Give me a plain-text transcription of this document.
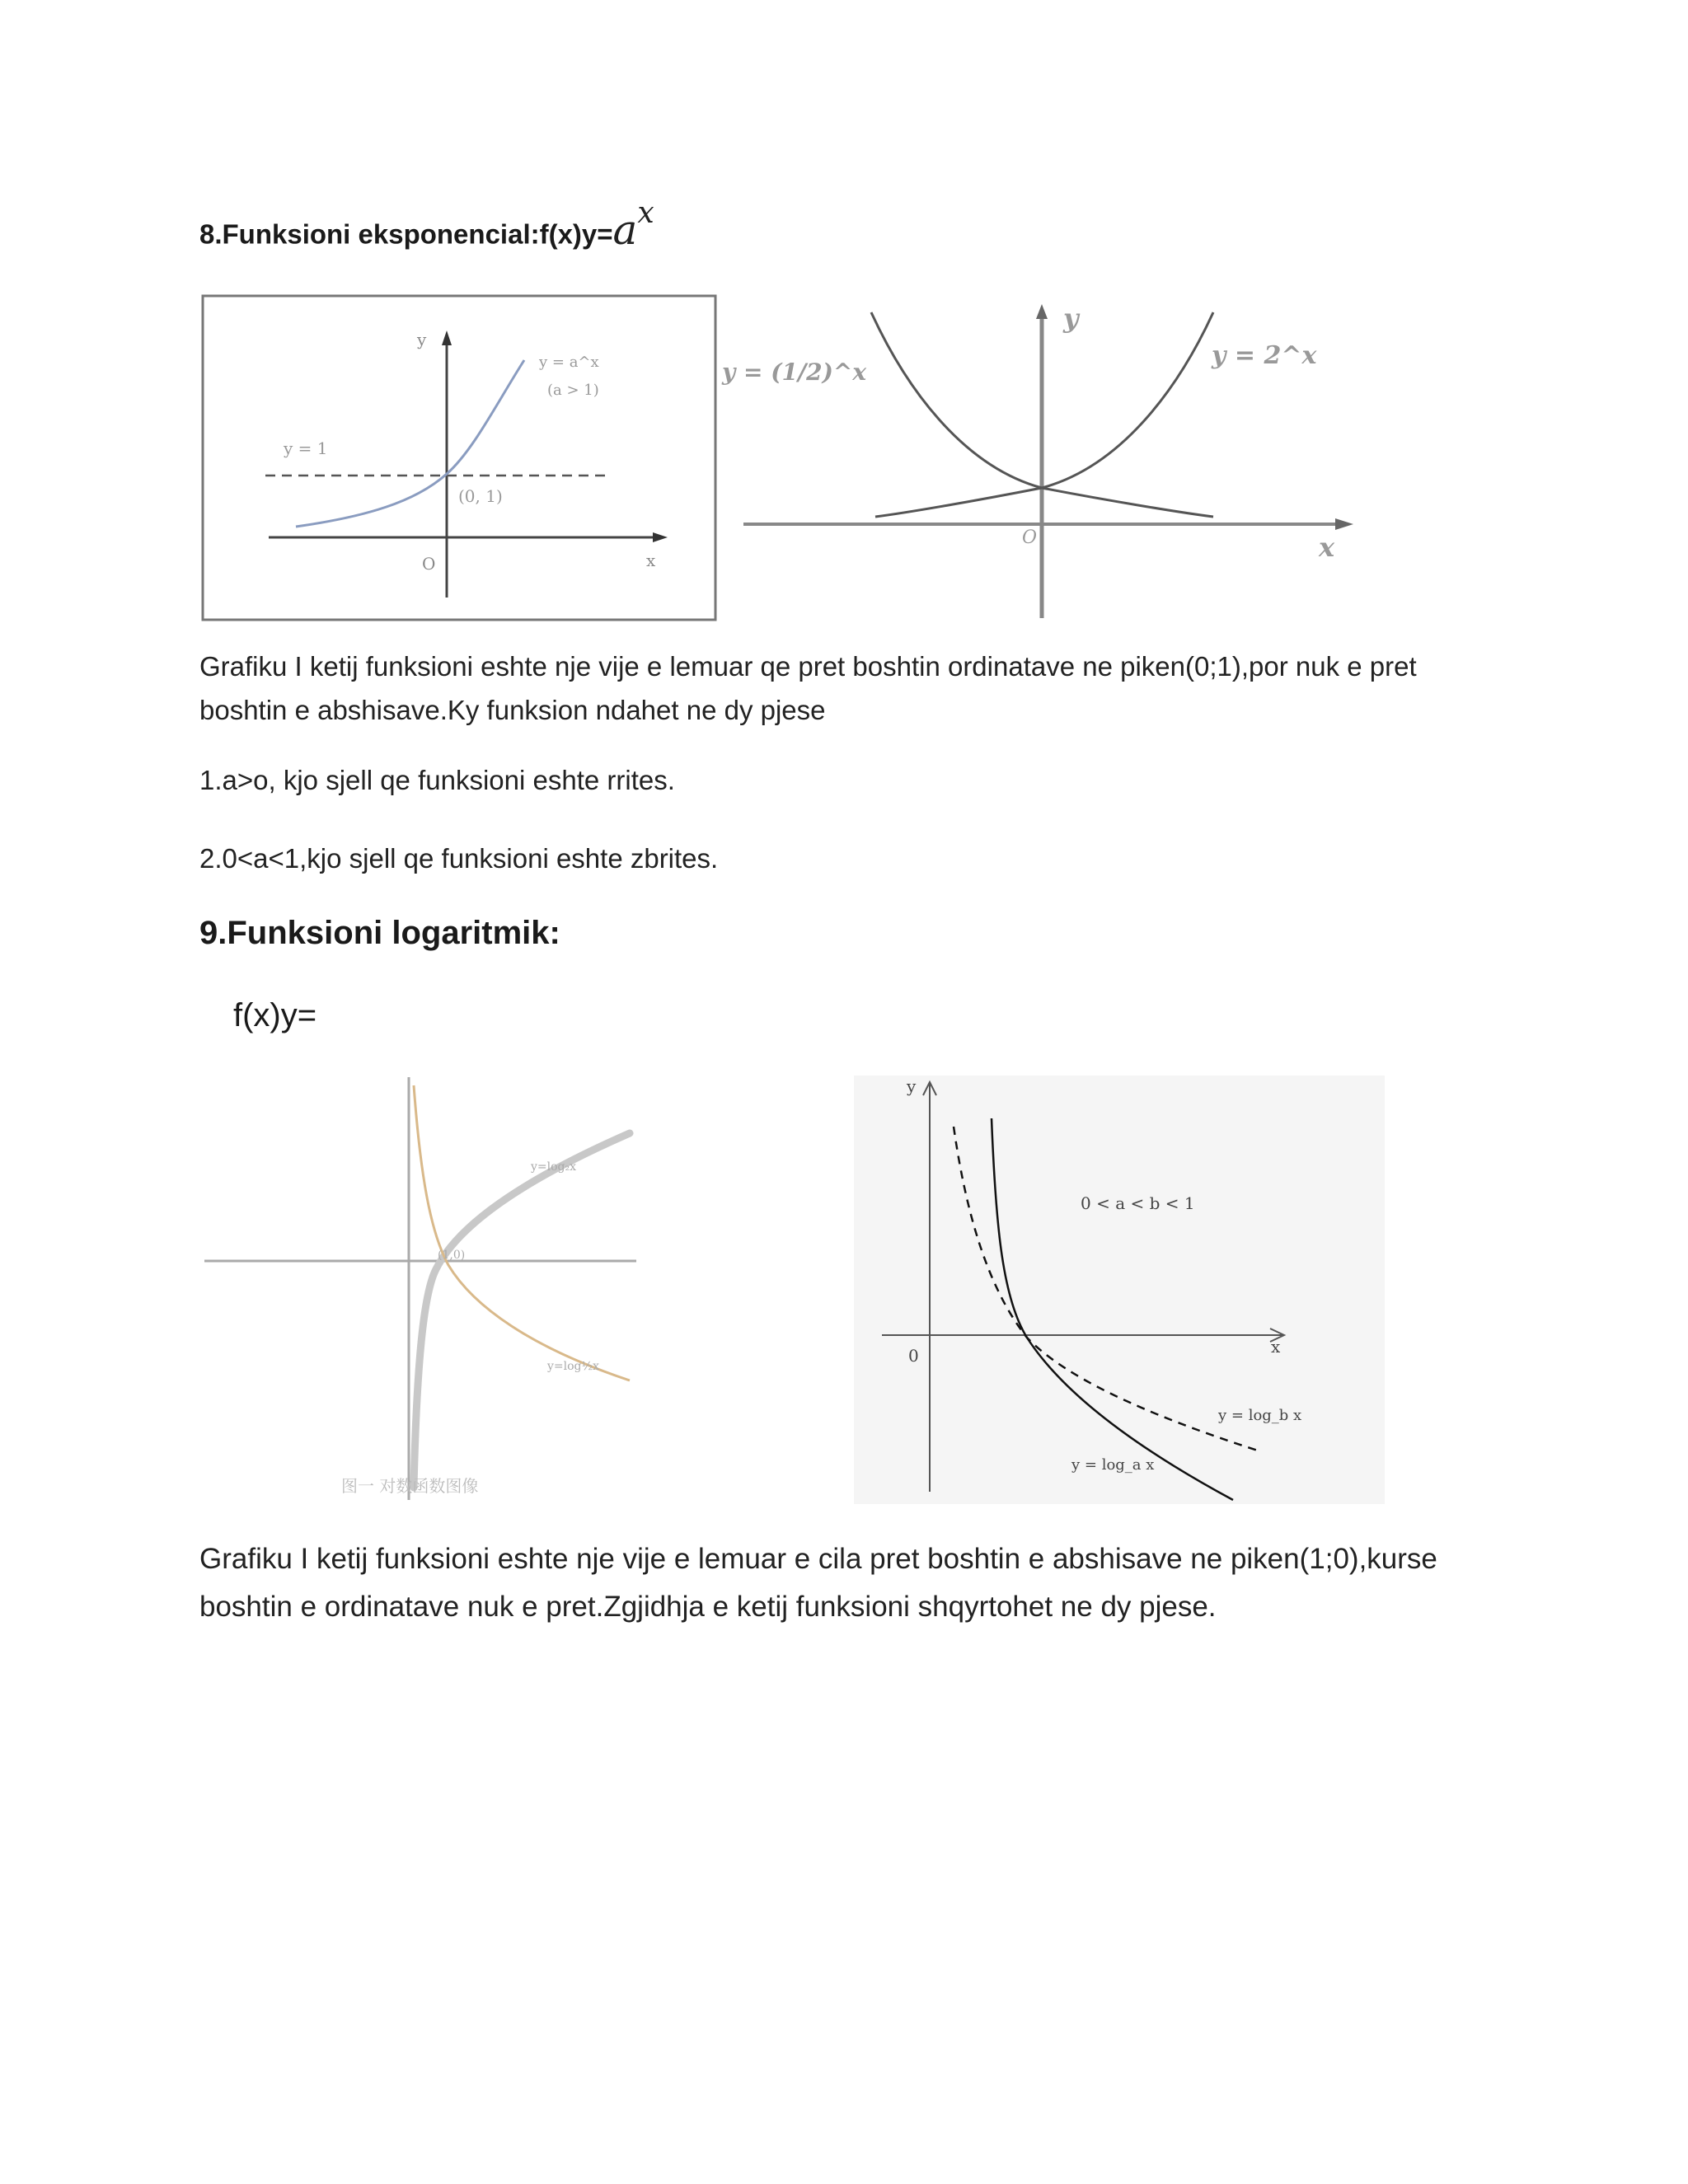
8.Funksioni $eksponencial:f(x)y=a^x$
y
x
O
y = a^x
(a > 1)
y = 1
(0, 1)
y
x
O
y = (1/2)^x
y = 2^x
Grafiku I ketij funksioni eshte nje vije e lemuar qe pret boshtin ordinatave ne piken(0;1),por nuk e pret boshtin e abshisave.Ky funksion ndahet ne dy pjese
1.a>o, kjo sjell qe funksioni eshte rrites.
2.0<a<1,kjo sjell qe funksioni eshte zbrites.
9.Funksioni logaritmik:
f(x)y=
y=log₂x
y=log½x
(1,0)
图一 对数函数图像
y
x
0
0 < a < b < 1
y = log_b x
y = log_a x
Grafiku I ketij funksioni eshte nje vije e lemuar e cila pret boshtin e abshisave ne piken(1;0),kurse boshtin e ordinatave nuk e pret.Zgjidhja e ketij funksioni shqyrtohet ne dy pjese.
